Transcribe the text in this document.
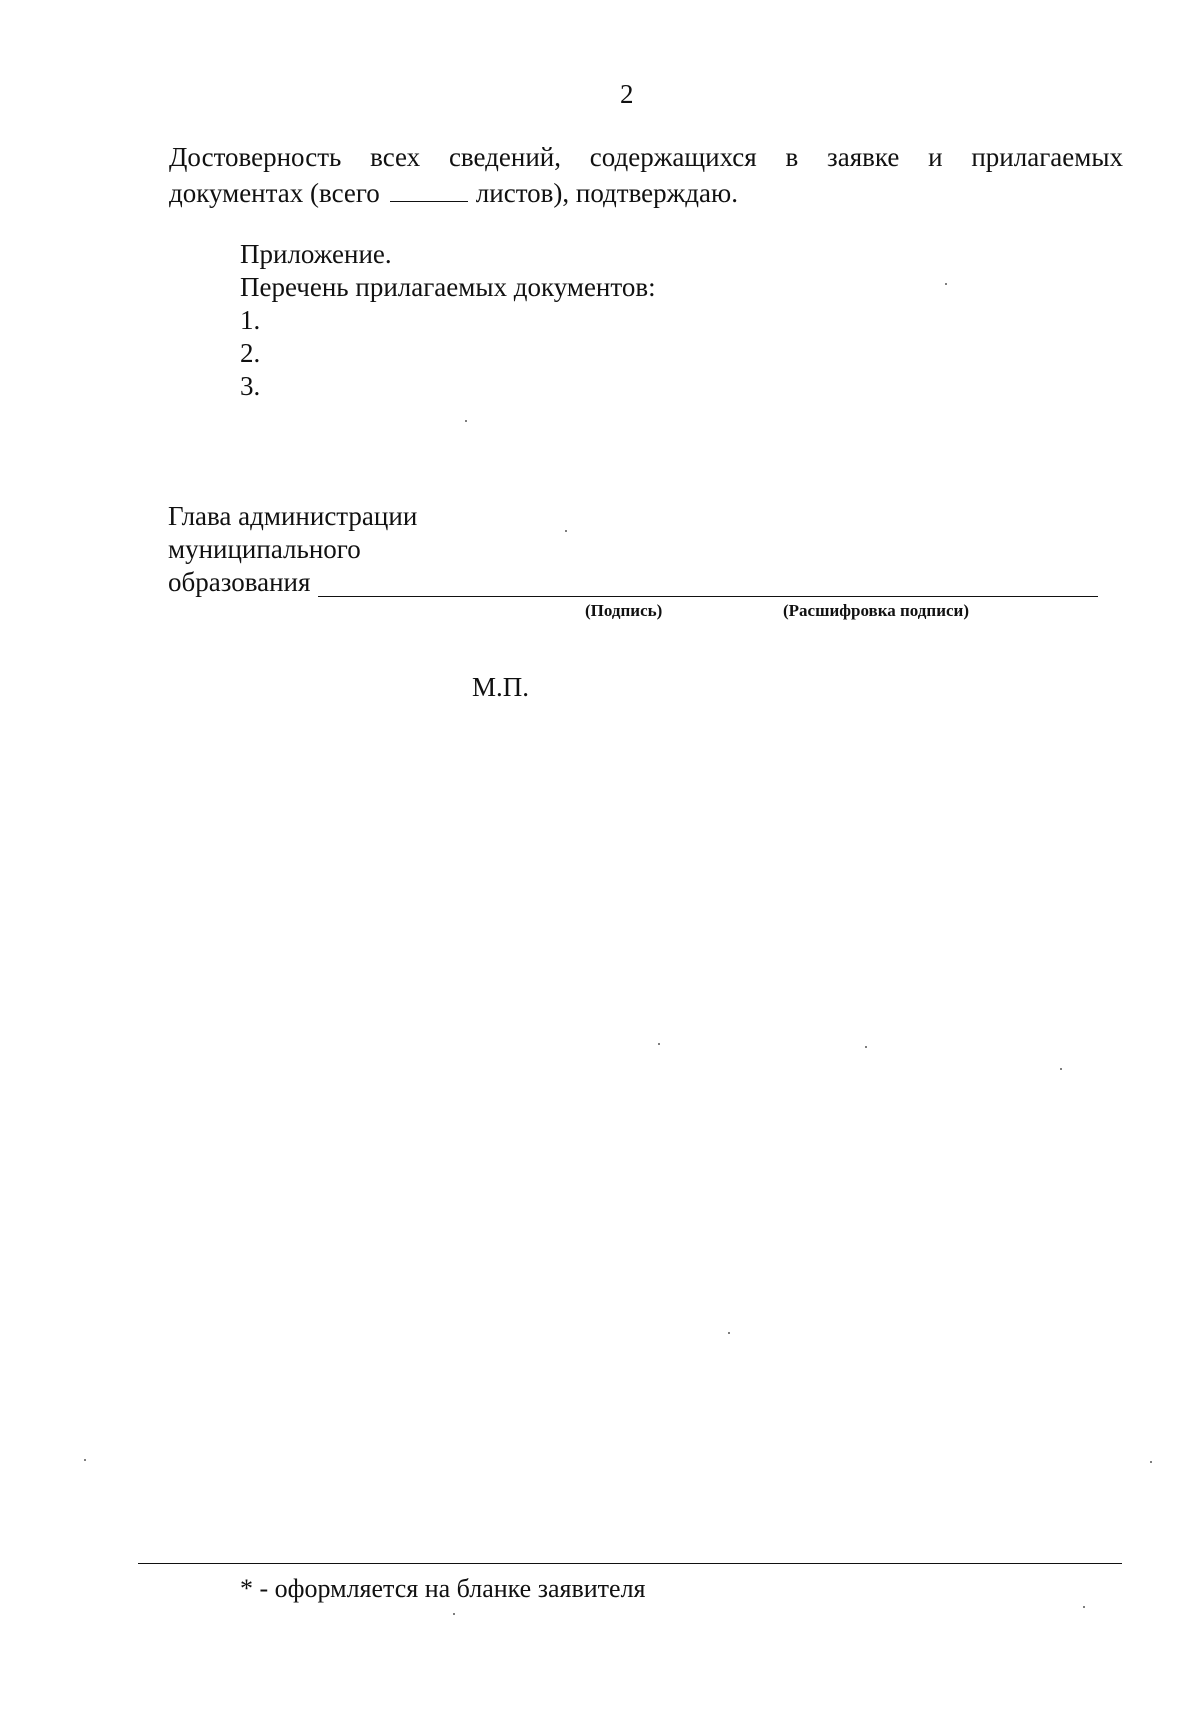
2
Достоверность всех сведений, содержащихся в заявке и прилагаемых
документах (всего	листов), подтверждаю.
Приложение.
Перечень прилагаемых документов:
1.
2.
3.
Глава администрации
муниципального
образования
(Подпись)	(Расшифровка подписи)
М.П.
* - оформляется на бланке заявителя
